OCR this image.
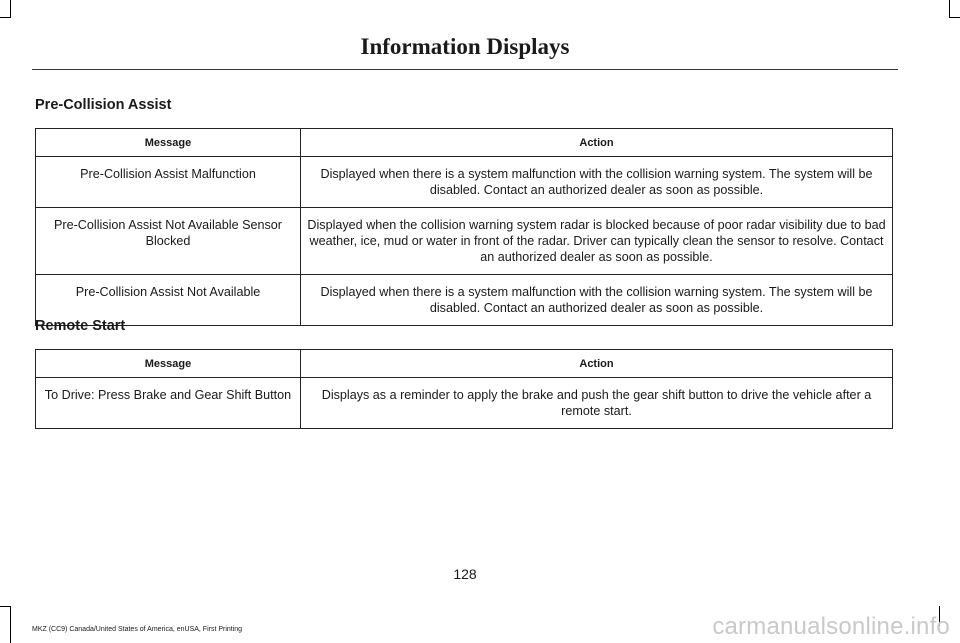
Information Displays
Pre-Collision Assist
Message	Action
Pre-Collision Assist Malfunction	Displayed when there is a system malfunction with the collision warning system. The system will be disabled. Contact an authorized dealer as soon as possible.
Pre-Collision Assist Not Available Sensor Blocked	Displayed when the collision warning system radar is blocked because of poor radar visibility due to bad weather, ice, mud or water in front of the radar. Driver can typically clean the sensor to resolve. Contact an authorized dealer as soon as possible.
Pre-Collision Assist Not Available	Displayed when there is a system malfunction with the collision warning system. The system will be disabled. Contact an authorized dealer as soon as possible.
Remote Start
Message	Action
To Drive: Press Brake and Gear Shift Button	Displays as a reminder to apply the brake and push the gear shift button to drive the vehicle after a remote start.
128
MKZ (CC9) Canada/United States of America, enUSA, First Printing	carmanualsonline.info
